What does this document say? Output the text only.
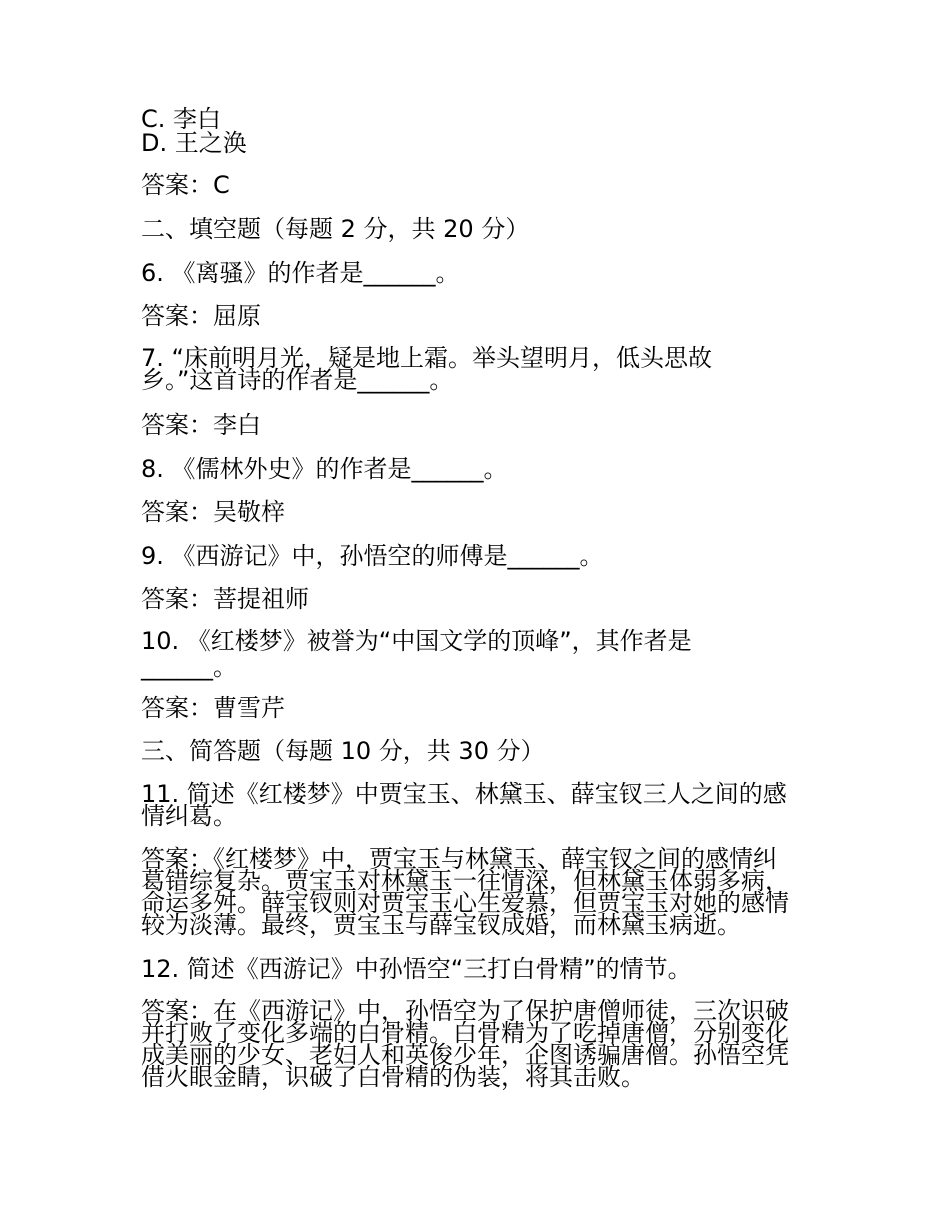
C. 李白

D. 王之涣

答案：C

二、填空题（每题 2 分，共 20 分）

6. 《离骚》的作者是______。

答案：屈原

7. “床前明月光，疑是地上霜。举头望明月，低头思故
乡。”这首诗的作者是______。

答案：李白

8. 《儒林外史》的作者是______。

答案：吴敬梓

9. 《西游记》中，孙悟空的师傅是______。

答案：菩提祖师

10. 《红楼梦》被誉为“中国文学的顶峰”，其作者是
______。

答案：曹雪芹

三、简答题（每题 10 分，共 30 分）

11. 简述《红楼梦》中贾宝玉、林黛玉、薛宝钗三人之间的感
情纠葛。
答案：《红楼梦》中，贾宝玉与林黛玉、薛宝钗之间的感情纠
葛错综复杂。贾宝玉对林黛玉一往情深，但林黛玉体弱多病，
命运多舛。薛宝钗则对贾宝玉心生爱慕，但贾宝玉对她的感情
较为淡薄。最终，贾宝玉与薛宝钗成婚，而林黛玉病逝。

12. 简述《西游记》中孙悟空“三打白骨精”的情节。

答案：在《西游记》中，孙悟空为了保护唐僧师徒，三次识破
并打败了变化多端的白骨精。白骨精为了吃掉唐僧，分别变化
成美丽的少女、老妇人和英俊少年，企图诱骗唐僧。孙悟空凭
借火眼金睛，识破了白骨精的伪装，将其击败。
